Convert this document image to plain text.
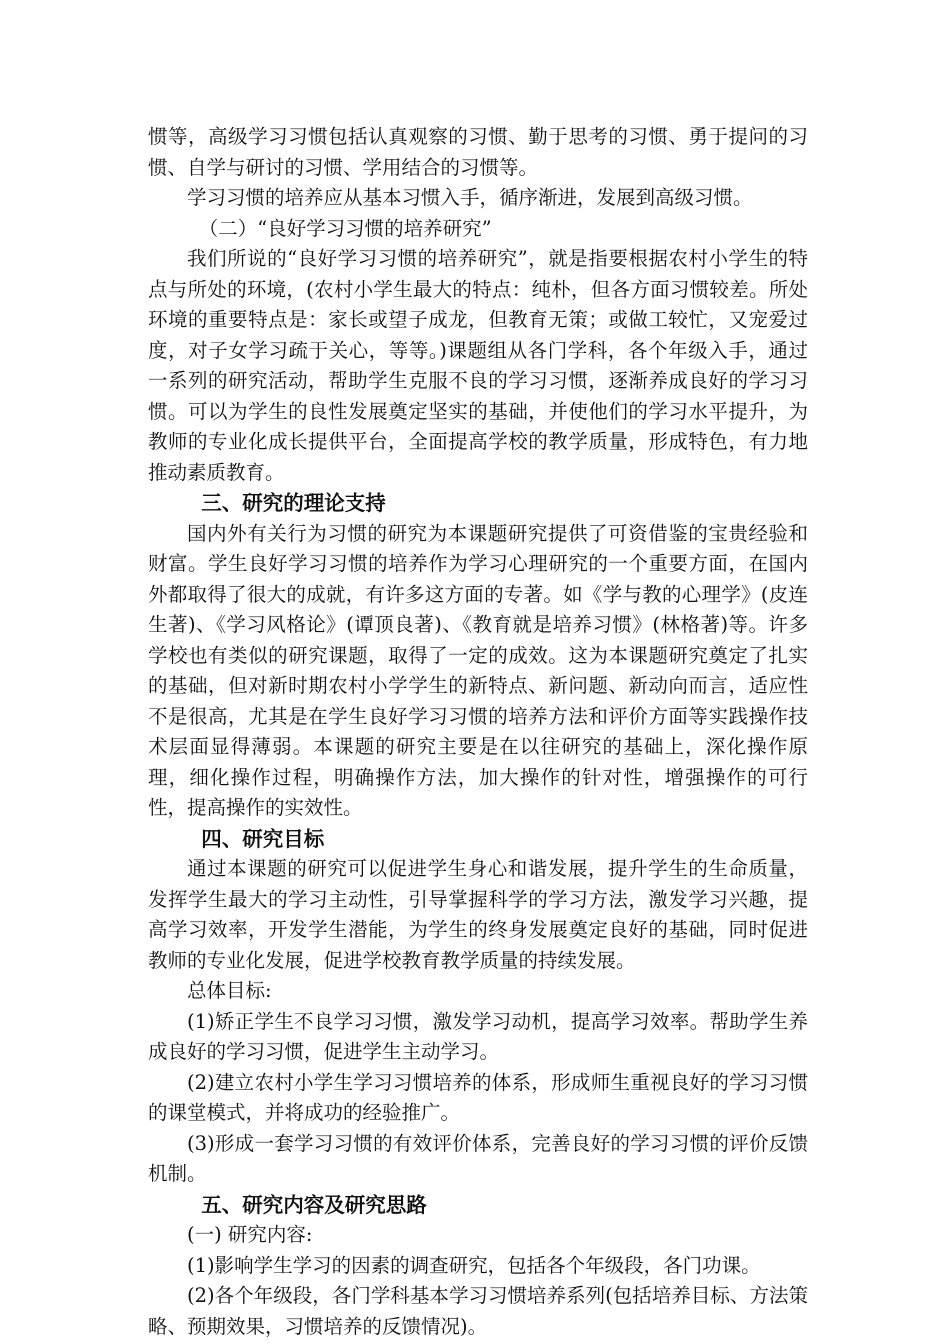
惯等，高级学习习惯包括认真观察的习惯、勤于思考的习惯、勇于提问的习惯、自学与研讨的习惯、学用结合的习惯等。

学习习惯的培养应从基本习惯入手，循序渐进，发展到高级习惯。

（二）“良好学习习惯的培养研究”

我们所说的“良好学习习惯的培养研究”，就是指要根据农村小学生的特点与所处的环境，(农村小学生最大的特点：纯朴，但各方面习惯较差。所处环境的重要特点是：家长或望子成龙，但教育无策；或做工较忙，又宠爱过度，对子女学习疏于关心，等等。)课题组从各门学科，各个年级入手，通过一系列的研究活动，帮助学生克服不良的学习习惯，逐渐养成良好的学习习惯。可以为学生的良性发展奠定坚实的基础，并使他们的学习水平提升，为教师的专业化成长提供平台，全面提高学校的教学质量，形成特色，有力地推动素质教育。

三、研究的理论支持

国内外有关行为习惯的研究为本课题研究提供了可资借鉴的宝贵经验和财富。学生良好学习习惯的培养作为学习心理研究的一个重要方面，在国内外都取得了很大的成就，有许多这方面的专著。如《学与教的心理学》(皮连生著)、《学习风格论》(谭顶良著)、《教育就是培养习惯》(林格著)等。许多学校也有类似的研究课题，取得了一定的成效。这为本课题研究奠定了扎实的基础，但对新时期农村小学学生的新特点、新问题、新动向而言，适应性不是很高，尤其是在学生良好学习习惯的培养方法和评价方面等实践操作技术层面显得薄弱。本课题的研究主要是在以往研究的基础上，深化操作原理，细化操作过程，明确操作方法，加大操作的针对性，增强操作的可行性，提高操作的实效性。

四、研究目标

通过本课题的研究可以促进学生身心和谐发展，提升学生的生命质量，发挥学生最大的学习主动性，引导掌握科学的学习方法，激发学习兴趣，提高学习效率，开发学生潜能，为学生的终身发展奠定良好的基础，同时促进教师的专业化发展，促进学校教育教学质量的持续发展。

总体目标:

(1)矫正学生不良学习习惯，激发学习动机，提高学习效率。帮助学生养成良好的学习习惯，促进学生主动学习。

(2)建立农村小学生学习习惯培养的体系，形成师生重视良好的学习习惯的课堂模式，并将成功的经验推广。

(3)形成一套学习习惯的有效评价体系，完善良好的学习习惯的评价反馈机制。

五、研究内容及研究思路

(一) 研究内容:

(1)影响学生学习的因素的调查研究，包括各个年级段，各门功课。

(2)各个年级段，各门学科基本学习习惯培养系列(包括培养目标、方法策略、预期效果，习惯培养的反馈情况)。
